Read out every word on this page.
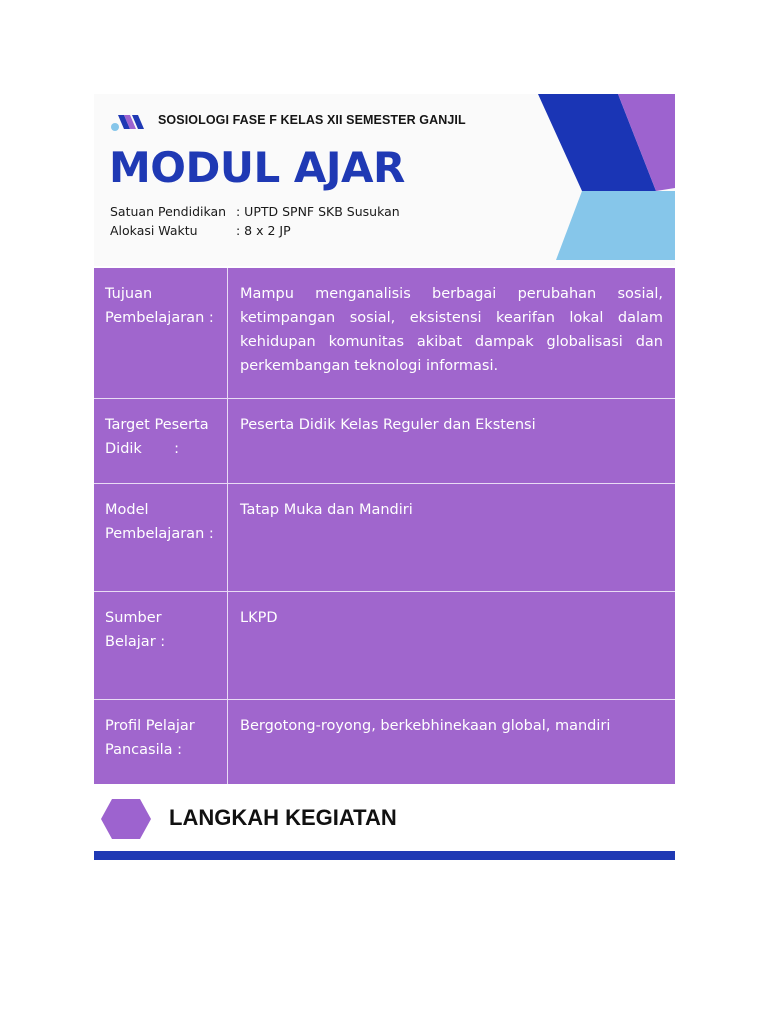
SOSIOLOGI FASE F KELAS XII SEMESTER GANJIL
MODUL AJAR
Satuan Pendidikan : UPTD SPNF SKB Susukan
Alokasi Waktu	: 8 x 2 JP
Tujuan Pembelajaran :
Mampu menganalisis berbagai perubahan sosial, ketimpangan sosial, eksistensi kearifan lokal dalam kehidupan komunitas akibat dampak globalisasi dan perkembangan teknologi informasi.
Target Peserta Didik       :
Peserta Didik Kelas Reguler dan Ekstensi
Model Pembelajaran :
Tatap Muka dan Mandiri
Sumber Belajar :
LKPD
Profil Pelajar Pancasila :
Bergotong-royong, berkebhinekaan global, mandiri
LANGKAH KEGIATAN
